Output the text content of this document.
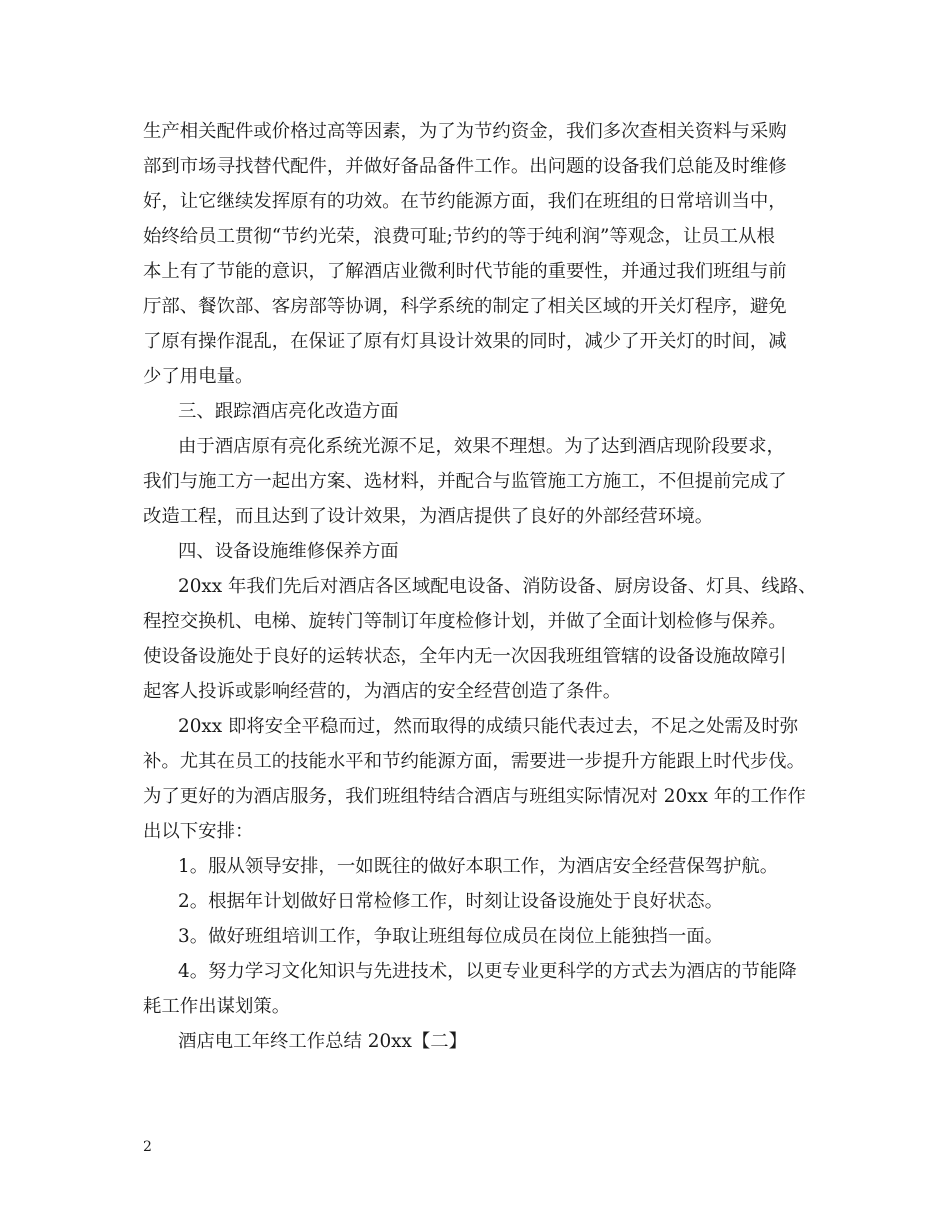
生产相关配件或价格过高等因素，为了为节约资金，我们多次查相关资料与采购

部到市场寻找替代配件，并做好备品备件工作。出问题的设备我们总能及时维修

好，让它继续发挥原有的功效。在节约能源方面，我们在班组的日常培训当中，

始终给员工贯彻“节约光荣，浪费可耻;节约的等于纯利润”等观念，让员工从根

本上有了节能的意识，了解酒店业微利时代节能的重要性，并通过我们班组与前

厅部、餐饮部、客房部等协调，科学系统的制定了相关区域的开关灯程序，避免

了原有操作混乱，在保证了原有灯具设计效果的同时，减少了开关灯的时间，减

少了用电量。

三、跟踪酒店亮化改造方面

由于酒店原有亮化系统光源不足，效果不理想。为了达到酒店现阶段要求，

我们与施工方一起出方案、选材料，并配合与监管施工方施工，不但提前完成了

改造工程，而且达到了设计效果，为酒店提供了良好的外部经营环境。

四、设备设施维修保养方面

20xx 年我们先后对酒店各区域配电设备、消防设备、厨房设备、灯具、线路、

程控交换机、电梯、旋转门等制订年度检修计划，并做了全面计划检修与保养。

使设备设施处于良好的运转状态，全年内无一次因我班组管辖的设备设施故障引

起客人投诉或影响经营的，为酒店的安全经营创造了条件。

20xx 即将安全平稳而过，然而取得的成绩只能代表过去，不足之处需及时弥

补。尤其在员工的技能水平和节约能源方面，需要进一步提升方能跟上时代步伐。

为了更好的为酒店服务，我们班组特结合酒店与班组实际情况对 20xx 年的工作作

出以下安排：

1。服从领导安排，一如既往的做好本职工作，为酒店安全经营保驾护航。

2。根据年计划做好日常检修工作，时刻让设备设施处于良好状态。

3。做好班组培训工作，争取让班组每位成员在岗位上能独挡一面。

4。努力学习文化知识与先进技术，以更专业更科学的方式去为酒店的节能降

耗工作出谋划策。

酒店电工年终工作总结 20xx【二】

2
